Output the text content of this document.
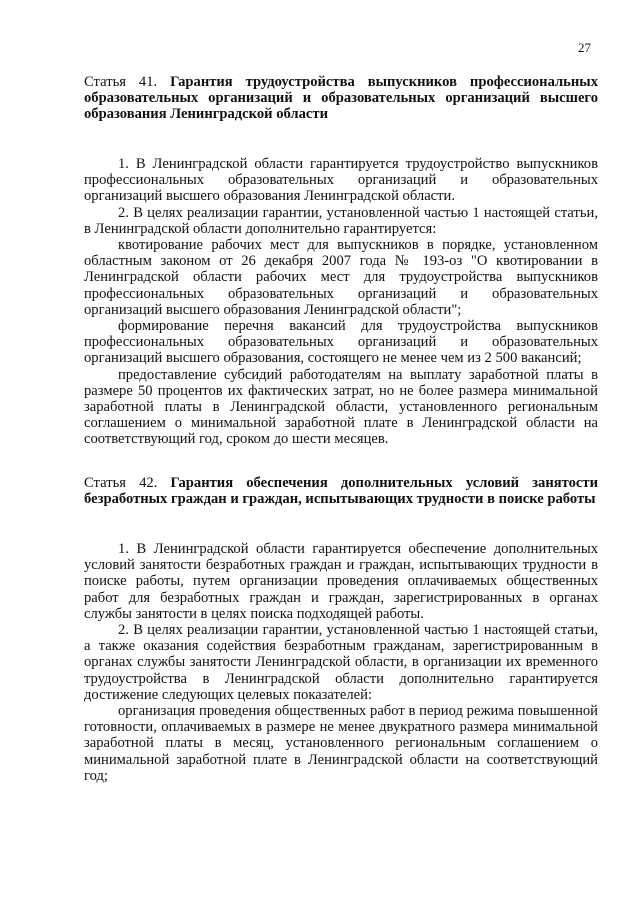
27

Статья 41. Гарантия трудоустройства выпускников профессиональных образовательных организаций и образовательных организаций высшего образования Ленинградской области

1. В Ленинградской области гарантируется трудоустройство выпускников профессиональных образовательных организаций и образовательных организаций высшего образования Ленинградской области.

2. В целях реализации гарантии, установленной частью 1 настоящей статьи, в Ленинградской области дополнительно гарантируется:

квотирование рабочих мест для выпускников в порядке, установленном областным законом от 26 декабря 2007 года № 193-оз "О квотировании в Ленинградской области рабочих мест для трудоустройства выпускников профессиональных образовательных организаций и образовательных организаций высшего образования Ленинградской области";

формирование перечня вакансий для трудоустройства выпускников профессиональных образовательных организаций и образовательных организаций высшего образования, состоящего не менее чем из 2 500 вакансий;

предоставление субсидий работодателям на выплату заработной платы в размере 50 процентов их фактических затрат, но не более размера минимальной заработной платы в Ленинградской области, установленного региональным соглашением о минимальной заработной плате в Ленинградской области на соответствующий год, сроком до шести месяцев.

Статья 42. Гарантия обеспечения дополнительных условий занятости безработных граждан и граждан, испытывающих трудности в поиске работы

1. В Ленинградской области гарантируется обеспечение дополнительных условий занятости безработных граждан и граждан, испытывающих трудности в поиске работы, путем организации проведения оплачиваемых общественных работ для безработных граждан и граждан, зарегистрированных в органах службы занятости в целях поиска подходящей работы.

2. В целях реализации гарантии, установленной частью 1 настоящей статьи, а также оказания содействия безработным гражданам, зарегистрированным в органах службы занятости Ленинградской области, в организации их временного трудоустройства в Ленинградской области дополнительно гарантируется достижение следующих целевых показателей:

организация проведения общественных работ в период режима повышенной готовности, оплачиваемых в размере не менее двукратного размера минимальной заработной платы в месяц, установленного региональным соглашением о минимальной заработной плате в Ленинградской области на соответствующий год;
